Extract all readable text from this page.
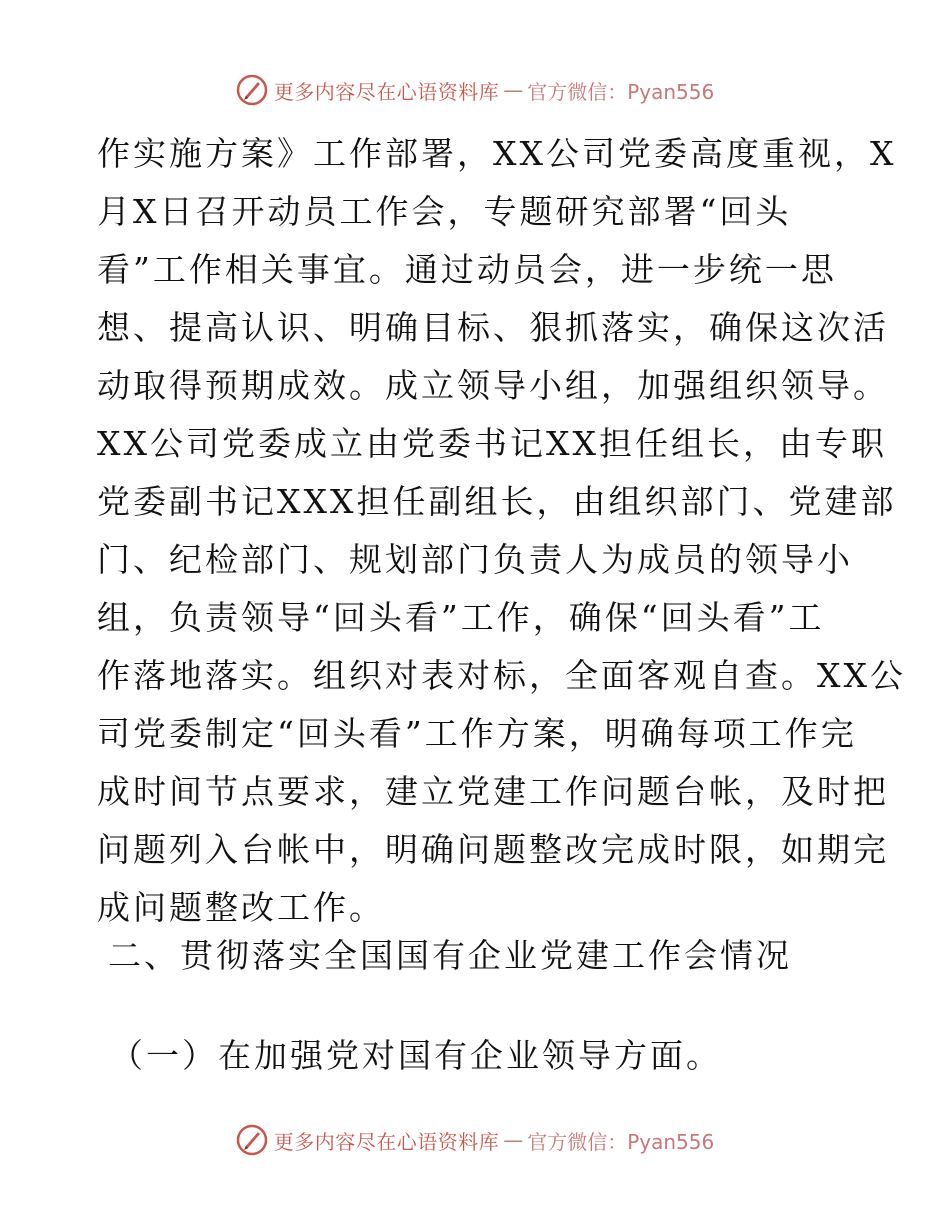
更多内容尽在心语资料库 — 官方微信：Pyan556
作实施方案》工作部署，XX公司党委高度重视，X
月X日召开动员工作会，专题研究部署“回头
看”工作相关事宜。通过动员会，进一步统一思
想、提高认识、明确目标、狠抓落实，确保这次活
动取得预期成效。成立领导小组，加强组织领导。
XX公司党委成立由党委书记XX担任组长，由专职
党委副书记XXX担任副组长，由组织部门、党建部
门、纪检部门、规划部门负责人为成员的领导小
组，负责领导“回头看”工作，确保“回头看”工
作落地落实。组织对表对标，全面客观自查。XX公
司党委制定“回头看”工作方案，明确每项工作完
成时间节点要求，建立党建工作问题台帐，及时把
问题列入台帐中，明确问题整改完成时限，如期完
成问题整改工作。
二、贯彻落实全国国有企业党建工作会情况
（一）在加强党对国有企业领导方面。
更多内容尽在心语资料库 — 官方微信：Pyan556
